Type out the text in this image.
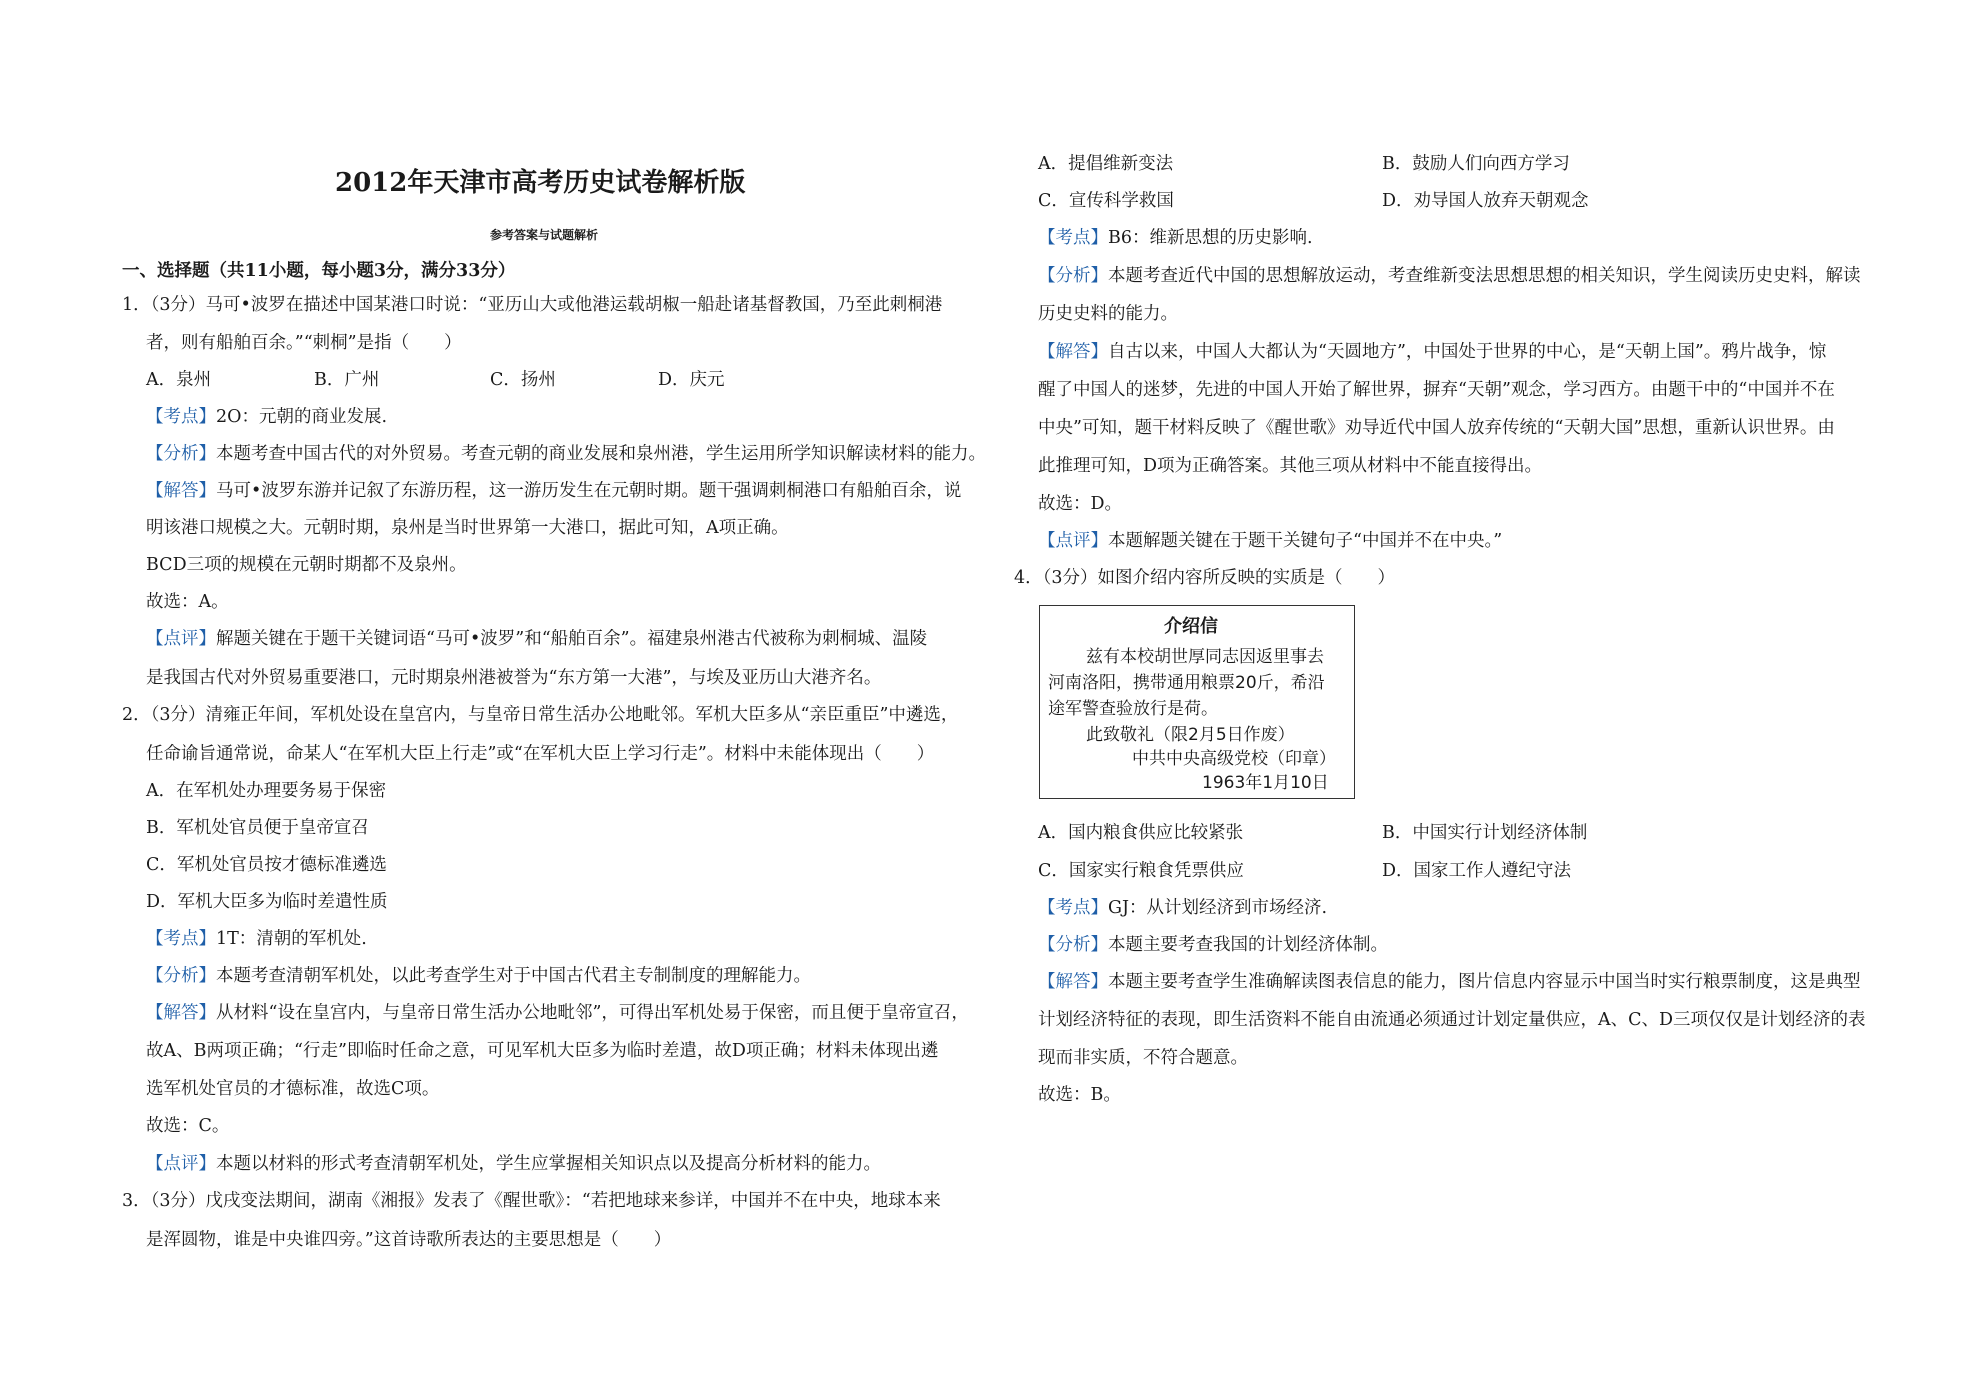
2012年天津市高考历史试卷解析版
参考答案与试题解析
一、选择题（共11小题，每小题3分，满分33分）
1．（3分）马可•波罗在描述中国某港口时说：“亚历山大或他港运载胡椒一船赴诸基督教国，乃至此刺桐港
者，则有船舶百余。”“刺桐”是指（　　）
A．泉州	B．广州	C．扬州	D．庆元
【考点】2O：元朝的商业发展.
【分析】本题考查中国古代的对外贸易。考查元朝的商业发展和泉州港，学生运用所学知识解读材料的能力。
【解答】马可•波罗东游并记叙了东游历程，这一游历发生在元朝时期。题干强调刺桐港口有船舶百余，说
明该港口规模之大。元朝时期，泉州是当时世界第一大港口，据此可知，A项正确。
BCD三项的规模在元朝时期都不及泉州。
故选：A。
【点评】解题关键在于题干关键词语“马可•波罗”和“船舶百余”。福建泉州港古代被称为刺桐城、温陵
是我国古代对外贸易重要港口，元时期泉州港被誉为“东方第一大港”，与埃及亚历山大港齐名。
2．（3分）清雍正年间，军机处设在皇宫内，与皇帝日常生活办公地毗邻。军机大臣多从“亲臣重臣”中遴选，
任命谕旨通常说，命某人“在军机大臣上行走”或“在军机大臣上学习行走”。材料中未能体现出（　　）
A．在军机处办理要务易于保密
B．军机处官员便于皇帝宣召
C．军机处官员按才德标准遴选
D．军机大臣多为临时差遣性质
【考点】1T：清朝的军机处.
【分析】本题考查清朝军机处，以此考查学生对于中国古代君主专制制度的理解能力。
【解答】从材料“设在皇宫内，与皇帝日常生活办公地毗邻”，可得出军机处易于保密，而且便于皇帝宣召，
故A、B两项正确；“行走”即临时任命之意，可见军机大臣多为临时差遣，故D项正确；材料未体现出遴
选军机处官员的才德标准，故选C项。
故选：C。
【点评】本题以材料的形式考查清朝军机处，学生应掌握相关知识点以及提高分析材料的能力。
3．（3分）戊戌变法期间，湖南《湘报》发表了《醒世歌》：“若把地球来参详，中国并不在中央，地球本来
是浑圆物，谁是中央谁四旁。”这首诗歌所表达的主要思想是（　　）
A．提倡维新变法	B．鼓励人们向西方学习
C．宣传科学救国	D．劝导国人放弃天朝观念
【考点】B6：维新思想的历史影响.
【分析】本题考查近代中国的思想解放运动，考查维新变法思想思想的相关知识，学生阅读历史史料，解读
历史史料的能力。
【解答】自古以来，中国人大都认为“天圆地方”，中国处于世界的中心，是“天朝上国”。鸦片战争，惊
醒了中国人的迷梦，先进的中国人开始了解世界，摒弃“天朝”观念，学习西方。由题干中的“中国并不在
中央”可知，题干材料反映了《醒世歌》劝导近代中国人放弃传统的“天朝大国”思想，重新认识世界。由
此推理可知，D项为正确答案。其他三项从材料中不能直接得出。
故选：D。
【点评】本题解题关键在于题干关键句子“中国并不在中央。”
4．（3分）如图介绍内容所反映的实质是（　　）
A．国内粮食供应比较紧张	B．中国实行计划经济体制
C．国家实行粮食凭票供应	D．国家工作人遵纪守法
【考点】GJ：从计划经济到市场经济.
【分析】本题主要考查我国的计划经济体制。
【解答】本题主要考查学生准确解读图表信息的能力，图片信息内容显示中国当时实行粮票制度，这是典型
计划经济特征的表现，即生活资料不能自由流通必须通过计划定量供应，A、C、D三项仅仅是计划经济的表
现而非实质，不符合题意。
故选：B。
介绍信
兹有本校胡世厚同志因返里事去
河南洛阳，携带通用粮票20斤，希沿
途军警查验放行是荷。
此致敬礼（限2月5日作废）
中共中央高级党校（印章）
1963年1月10日
